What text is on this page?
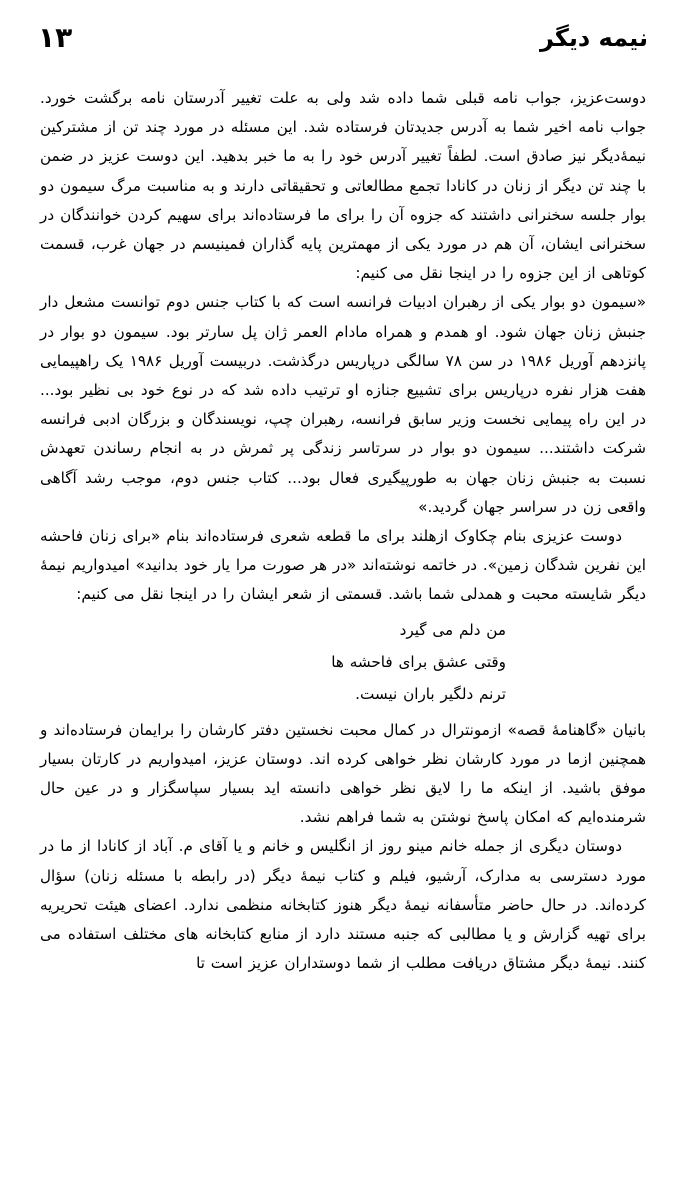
۱۳	نیمه دیگر

دوست‌عزیز، جواب نامه قبلی شما داده شد ولی به علت تغییر آدرستان نامه برگشت خورد. جواب نامه اخیر شما به آدرس جدیدتان فرستاده شد. این مسئله در مورد چند تن از مشترکین نیمهٔ‌دیگر نیز صادق است. لطفاً تغییر آدرس خود را به ما خبر بدهید. این دوست عزیز در ضمن با چند تن دیگر از زنان در کانادا تجمع مطالعاتی و تحقیقاتی دارند و به مناسبت مرگ سیمون دو بوار جلسه سخنرانی داشتند که جزوه آن را برای ما فرستاده‌اند برای سهیم کردن خوانندگان در سخنرانی ایشان، آن هم در مورد یکی از مهمترین پایه گذاران فمینیسم در جهان غرب، قسمت کوتاهی از این جزوه را در اینجا نقل می کنیم:

«سیمون دو بوار یکی از رهبران ادبیات فرانسه است که با کتاب جنس دوم توانست مشعل دار جنبش زنان جهان شود. او همدم و همراه مادام العمر ژان پل سارتر بود. سیمون دو بوار در پانزدهم آوریل ۱۹۸۶ در سن ۷۸ سالگی درپاریس درگذشت. دربیست آوریل ۱۹۸۶ یک راهپیمایی هفت هزار نفره درپاریس برای تشییع جنازه او ترتیب داده شد که در نوع خود بی نظیر بود... در این راه پیمایی نخست وزیر سابق فرانسه، رهبران چپ، نویسندگان و بزرگان ادبی فرانسه شرکت داشتند... سیمون دو بوار در سرتاسر زندگی پر ثمرش در به انجام رساندن تعهدش نسبت به جنبش زنان جهان به طورپیگیری فعال بود... کتاب جنس دوم، موجب رشد آگاهی واقعی زن در سراسر جهان گردید.»

دوست عزیزی بنام چکاوک ازهلند برای ما قطعه شعری فرستاده‌اند بنام «برای زنان فاحشه این نفرین شدگان زمین». در خاتمه نوشته‌اند «در هر صورت مرا یار خود بدانید» امیدواریم نیمهٔ دیگر شایسته محبت و همدلی شما باشد. قسمتی از شعر ایشان را در اینجا نقل می کنیم:

من دلم می گیرد
وقتی عشق برای فاحشه ها
ترنم دلگیر باران نیست.

بانیان «گاهنامهٔ قصه» ازمونترال در کمال محبت نخستین دفتر کارشان را برایمان فرستاده‌اند و همچنین ازما در مورد کارشان نظر خواهی کرده اند. دوستان عزیز، امیدواریم در کارتان بسیار موفق باشید. از اینکه ما را لایق نظر خواهی دانسته اید بسیار سپاسگزار و در عین حال شرمنده‌ایم که امکان پاسخ نوشتن به شما فراهم نشد.

دوستان دیگری از جمله خانم مینو روز از انگلیس و خانم و یا آقای م. آباد از کانادا از ما در مورد دسترسی به مدارک، آرشیو، فیلم و کتاب نیمهٔ دیگر (در رابطه با مسئله زنان) سؤال کرده‌اند. در حال حاضر متأسفانه نیمهٔ دیگر هنوز کتابخانه منظمی ندارد. اعضای هیئت تحریریه برای تهیه گزارش و یا مطالبی که جنبه مستند دارد از منابع کتابخانه های مختلف استفاده می کنند. نیمهٔ دیگر مشتاق دریافت مطلب از شما دوستداران عزیز است تا
